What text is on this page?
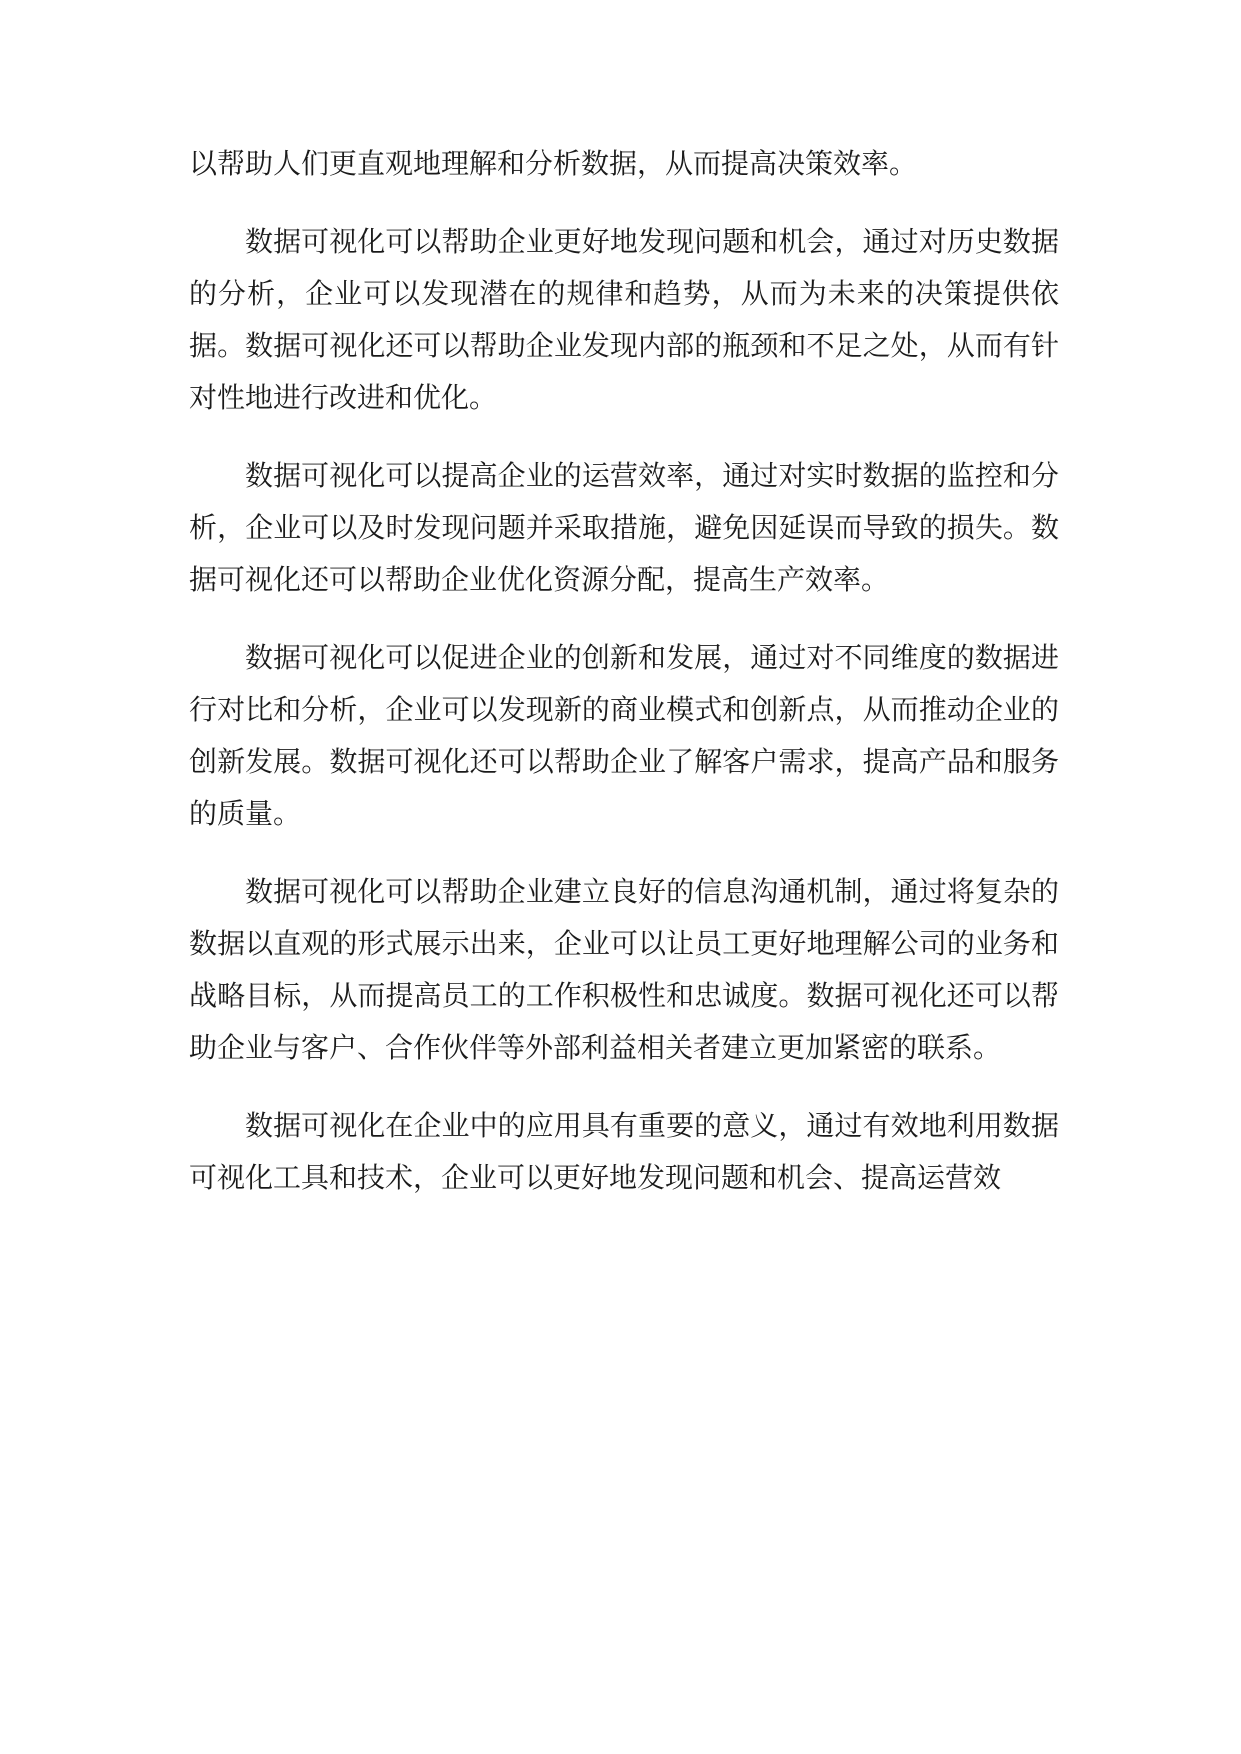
以帮助人们更直观地理解和分析数据，从而提高决策效率。

数据可视化可以帮助企业更好地发现问题和机会，通过对历史数据的分析，企业可以发现潜在的规律和趋势，从而为未来的决策提供依据。数据可视化还可以帮助企业发现内部的瓶颈和不足之处，从而有针对性地进行改进和优化。

数据可视化可以提高企业的运营效率，通过对实时数据的监控和分析，企业可以及时发现问题并采取措施，避免因延误而导致的损失。数据可视化还可以帮助企业优化资源分配，提高生产效率。

数据可视化可以促进企业的创新和发展，通过对不同维度的数据进行对比和分析，企业可以发现新的商业模式和创新点，从而推动企业的创新发展。数据可视化还可以帮助企业了解客户需求，提高产品和服务的质量。

数据可视化可以帮助企业建立良好的信息沟通机制，通过将复杂的数据以直观的形式展示出来，企业可以让员工更好地理解公司的业务和战略目标，从而提高员工的工作积极性和忠诚度。数据可视化还可以帮助企业与客户、合作伙伴等外部利益相关者建立更加紧密的联系。

数据可视化在企业中的应用具有重要的意义，通过有效地利用数据可视化工具和技术，企业可以更好地发现问题和机会、提高运营效
